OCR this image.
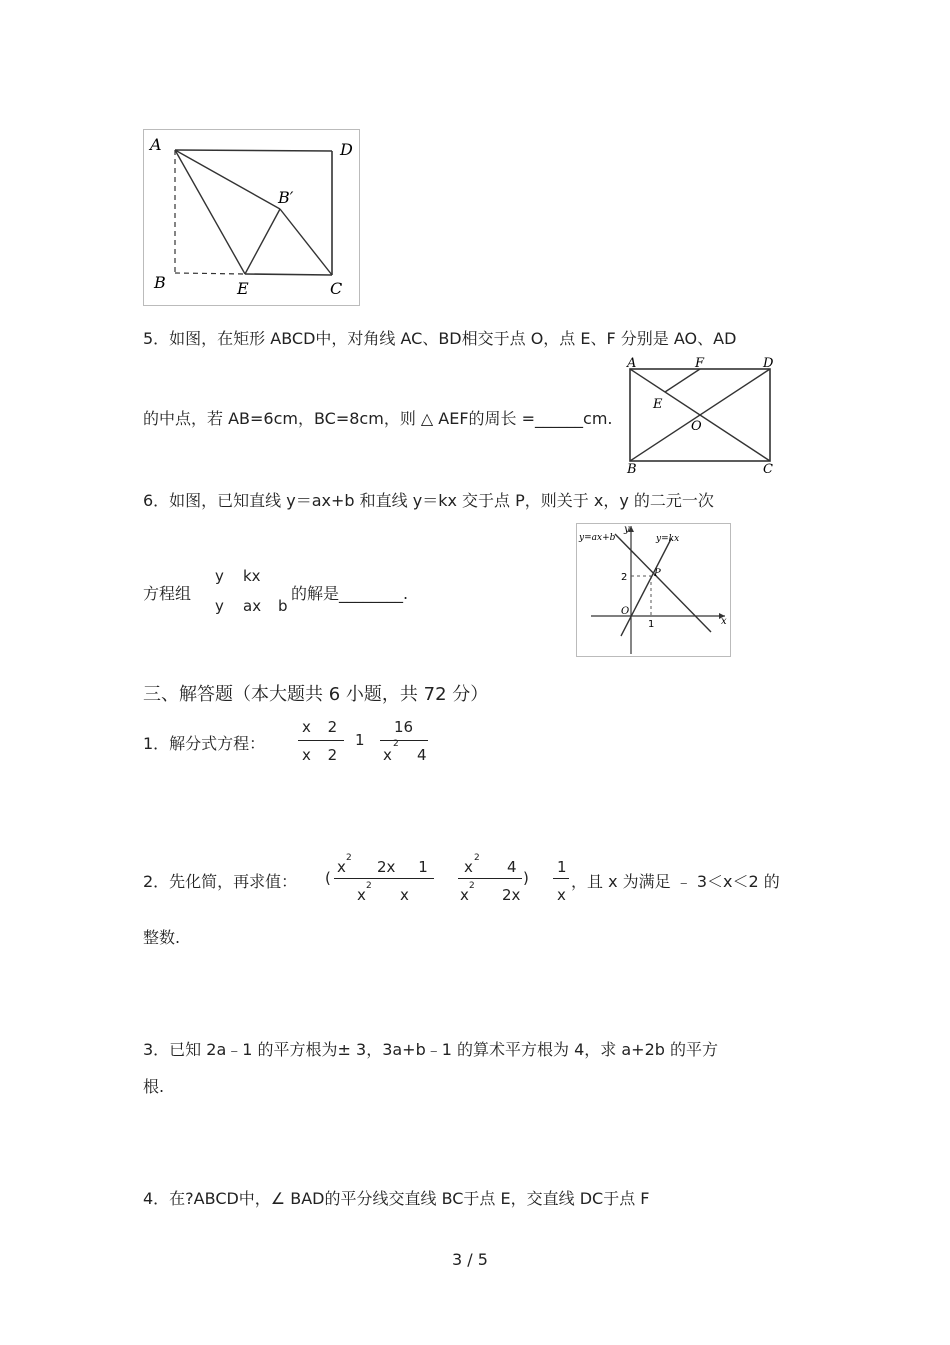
A	D
B′
B	E	C
5．如图，在矩形 ABCD中，对角线 AC、BD相交于点 O，点 E、F 分别是 AO、AD
的中点，若 AB=6cm，BC=8cm，则 △ AEF的周长 =______cm.
A	F	D
E
O
B	C
6．如图，已知直线 y＝ax+b 和直线 y＝kx 交于点 P，则关于 x，y 的二元一次
方程组
y kx
y ax b
的解是________.
y=ax+b	y=kx
y
x
P
O
2
1
三、解答题（本大题共 6 小题，共 72 分）
1．解分式方程：
x 2
x 2
1
16
x
2
4
2．先化简，再求值： (
x 2 2x 1
x 2 x
x 2 4
x 2 2x
)
1
x
，且 x 为满足 ﹣ 3＜x＜2 的
整数.
3．已知 2a﹣1 的平方根为± 3，3a+b﹣1 的算术平方根为 4，求 a+2b 的平方
根.
4．在?ABCD中，∠ BAD的平分线交直线 BC于点 E，交直线 DC于点 F
3 / 5
